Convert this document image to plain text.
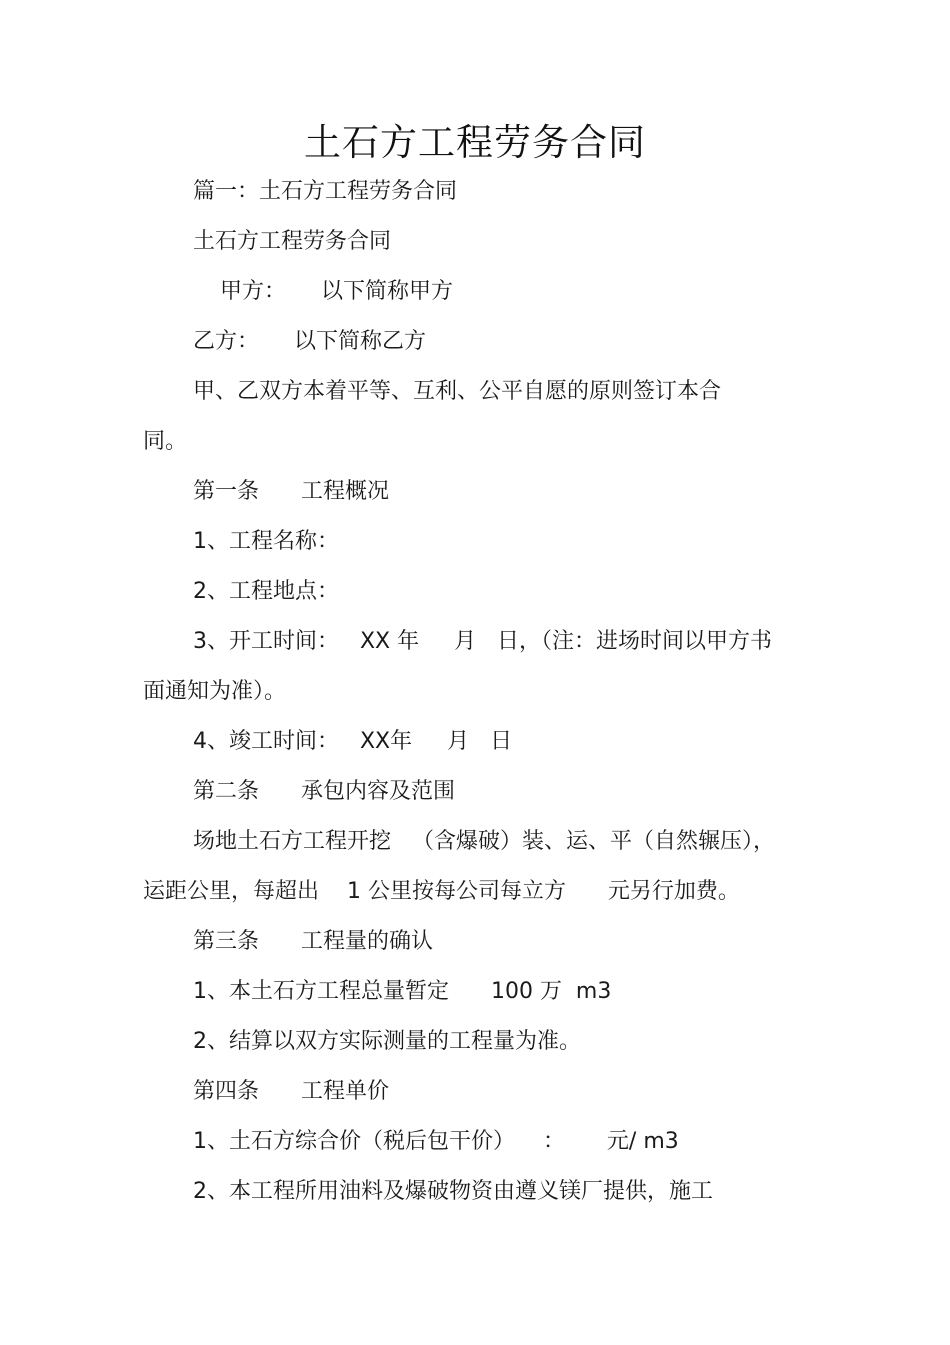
土石方工程劳务合同
篇一：土石方工程劳务合同
土石方工程劳务合同
甲方：     以下简称甲方
乙方：     以下简称乙方
甲、乙双方本着平等、互利、公平自愿的原则签订本合
同。
第一条      工程概况
1、工程名称：
2、工程地点：
3、开工时间：   XX 年     月   日，（注：进场时间以甲方书
面通知为准）。
4、竣工时间：   XX年     月   日
第二条      承包内容及范围
场地土石方工程开挖   （含爆破）装、运、平（自然辗压），
运距公里，每超出    1 公里按每公司每立方      元另行加费。
第三条      工程量的确认
1、本土石方工程总量暂定      100 万  m3
2、结算以双方实际测量的工程量为准。
第四条      工程单价
1、土石方综合价（税后包干价）    ：      元/ m3
2、本工程所用油料及爆破物资由遵义镁厂提供，施工
